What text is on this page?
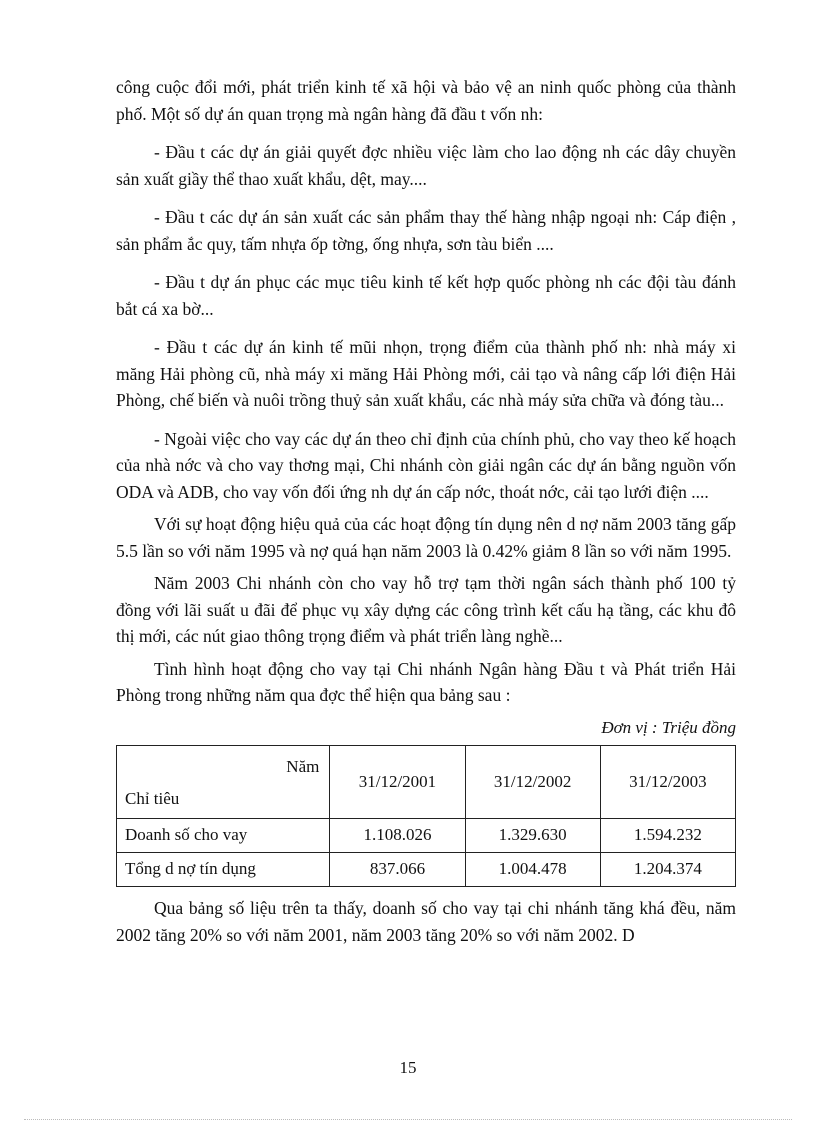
công cuộc đổi mới, phát triển kinh tế xã hội và bảo vệ an ninh quốc phòng của thành phố. Một số dự án quan trọng mà ngân hàng đã đầu t vốn nh:

- Đầu t các dự án giải quyết đợc nhiều việc làm cho lao động nh các dây chuyền sản xuất giầy thể thao xuất khẩu, dệt, may....

- Đầu t các dự án sản xuất các sản phẩm thay thế hàng nhập ngoại nh: Cáp điện , sản phẩm ắc quy, tấm nhựa ốp tờng, ống nhựa, sơn tàu biển ....

- Đầu t dự án phục các mục tiêu kinh tế kết hợp quốc phòng nh các đội tàu đánh bắt cá xa bờ...

- Đầu t các dự án kinh tế mũi nhọn, trọng điểm của thành phố nh: nhà máy xi măng Hải phòng cũ, nhà máy xi măng Hải Phòng mới, cải tạo và nâng cấp lới điện Hải Phòng, chế biến và nuôi trồng thuỷ sản xuất khẩu, các nhà máy sửa chữa và đóng tàu...

- Ngoài việc cho vay các dự án theo chỉ định của chính phủ, cho vay theo kế hoạch của nhà nớc và cho vay thơng mại, Chi nhánh còn giải ngân các dự án bằng nguồn vốn ODA và ADB, cho vay vốn đối ứng nh dự án cấp nớc, thoát nớc, cải tạo lưới điện ....

Với sự hoạt động hiệu quả của các hoạt động tín dụng nên d nợ năm 2003 tăng gấp 5.5 lần so với năm 1995 và nợ quá hạn năm 2003 là 0.42% giảm 8 lần so với năm 1995.

Năm 2003 Chi nhánh còn cho vay hỗ trợ tạm thời ngân sách thành phố 100 tỷ đồng với lãi suất u đãi để phục vụ xây dựng các công trình kết cấu hạ tầng, các khu đô thị mới, các nút giao thông trọng điểm và phát triển làng nghề...

Tình hình hoạt động cho vay tại Chi nhánh Ngân hàng Đầu t và Phát triển Hải Phòng trong những năm qua đợc thể hiện qua bảng sau :

Đơn vị : Triệu đồng
Năm
Chỉ tiêu	31/12/2001	31/12/2002	31/12/2003
Doanh số cho vay	1.108.026	1.329.630	1.594.232
Tổng d nợ tín dụng	837.066	1.004.478	1.204.374

Qua bảng số liệu trên ta thấy, doanh số cho vay tại chi nhánh tăng khá đều, năm 2002 tăng 20% so với năm 2001, năm 2003 tăng 20% so với năm 2002. D

15
